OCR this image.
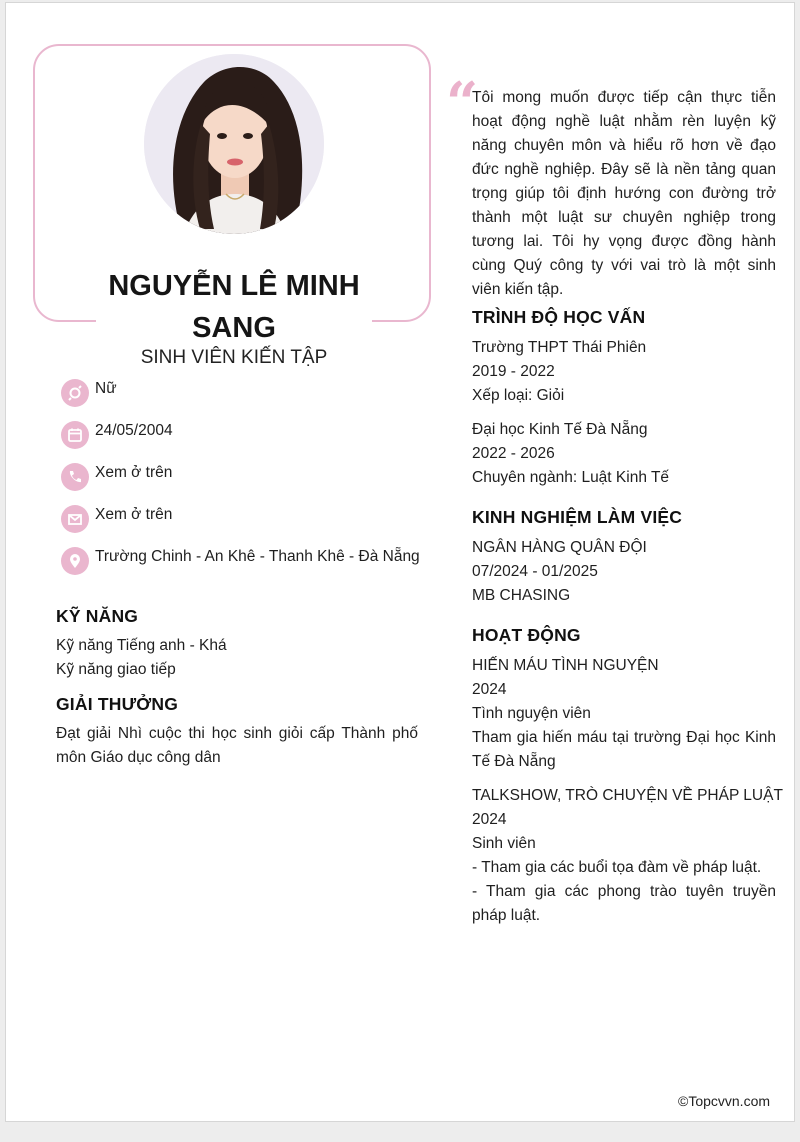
NGUYỄN LÊ MINH SANG
SINH VIÊN KIẾN TẬP
Nữ
24/05/2004
Xem ở trên
Xem ở trên
Trường Chinh - An Khê - Thanh Khê - Đà Nẵng
KỸ NĂNG
Kỹ năng Tiếng anh - Khá
Kỹ năng giao tiếp
GIẢI THƯỞNG
Đạt giải Nhì cuộc thi học sinh giỏi cấp Thành phố môn Giáo dục công dân
“
Tôi mong muốn được tiếp cận thực tiễn hoạt động nghề luật nhằm rèn luyện kỹ năng chuyên môn và hiểu rõ hơn về đạo đức nghề nghiệp. Đây sẽ là nền tảng quan trọng giúp tôi định hướng con đường trở thành một luật sư chuyên nghiệp trong tương lai. Tôi hy vọng được đồng hành cùng Quý công ty với vai trò là một sinh viên kiến tập.
TRÌNH ĐỘ HỌC VẤN
Trường THPT Thái Phiên
2019 - 2022
Xếp loại: Giỏi
Đại học Kinh Tế Đà Nẵng
2022 - 2026
Chuyên ngành: Luật Kinh Tế
KINH NGHIỆM LÀM VIỆC
NGÂN HÀNG QUÂN ĐỘI
07/2024 - 01/2025
MB CHASING
HOẠT ĐỘNG
HIẾN MÁU TÌNH NGUYỆN
2024
Tình nguyện viên
Tham gia hiến máu tại trường Đại học Kinh Tế Đà Nẵng
TALKSHOW, TRÒ CHUYỆN VỀ PHÁP LUẬT
2024
Sinh viên
- Tham gia các buổi tọa đàm về pháp luật.
- Tham gia các phong trào tuyên truyền pháp luật.
©Topcvvn.com
